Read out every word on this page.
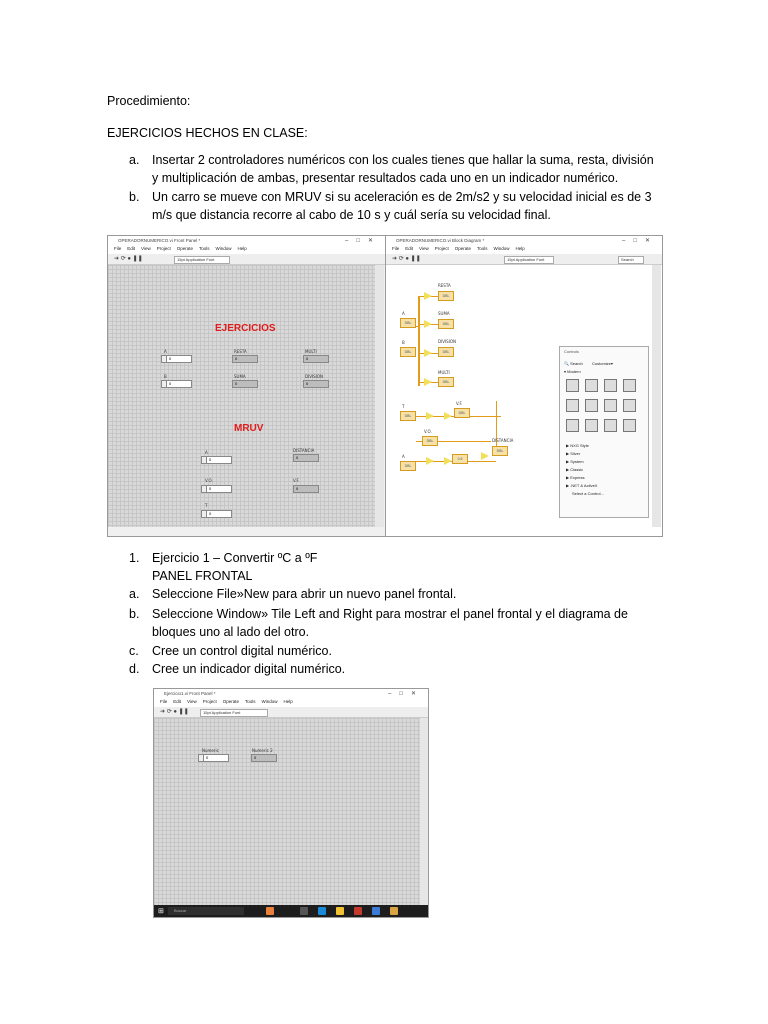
Procedimiento:
EJERCICIOS HECHOS EN CLASE:
a. Insertar 2 controladores numéricos con los cuales tienes que hallar la suma, resta, división
y multiplicación de ambas, presentar resultados cada uno en un indicador numérico.
b. Un carro se mueve con MRUV si su aceleración es de 2m/s2 y su velocidad inicial es de 3
m/s que distancia recorre al cabo de 10 s y cuál sería su velocidad final.
OPERADORNUMERICO.vi Front Panel *	–□✕
File Edit View Project Operate Tools Window Help
➜ ⟳ ● ❚❚	15pt Application Font
EJERCICIOS
MRUV
A
0
B
0
RESTA
0
MULTI
0
SUMA
0
DIVISION
0
A
0
DISTANCIA
0
V.O.
0
V.F.
0
T
0
OPERADORNUMERICO.vi Block Diagram *	–□✕
File Edit View Project Operate Tools Window Help
➜ ⟳ ● ❚❚	15pt Application Font	Search
A
DBL
B
DBL
RESTA
DBL
SUMA
DBL
DIVISION
DBL
MULTI
DBL
V.F.
DBL
T
DBL
V.O.
DBL	DISTANCIA
DBL
A
DBL
0.5
Controls
🔍 Search Customize▾
▾ Modern
▶ NXG Style
▶ Silver
▶ System
▶ Classic
▶ Express
▶ .NET & ActiveX
Select a Control...
1. Ejercicio 1 – Convertir ºC a ºF
PANEL FRONTAL
a. Seleccione File»New para abrir un nuevo panel frontal.
b. Seleccione Window» Tile Left and Right para mostrar el panel frontal y el diagrama de
bloques uno al lado del otro.
c. Cree un control digital numérico.
d. Cree un indicador digital numérico.
Ejercicio1.vi Front Panel *	–□✕
File Edit View Project Operate Tools Window Help
➜ ⟳ ● ❚❚	15pt Application Font
Numeric
0
Numeric 2
0
⊞	Buscar
